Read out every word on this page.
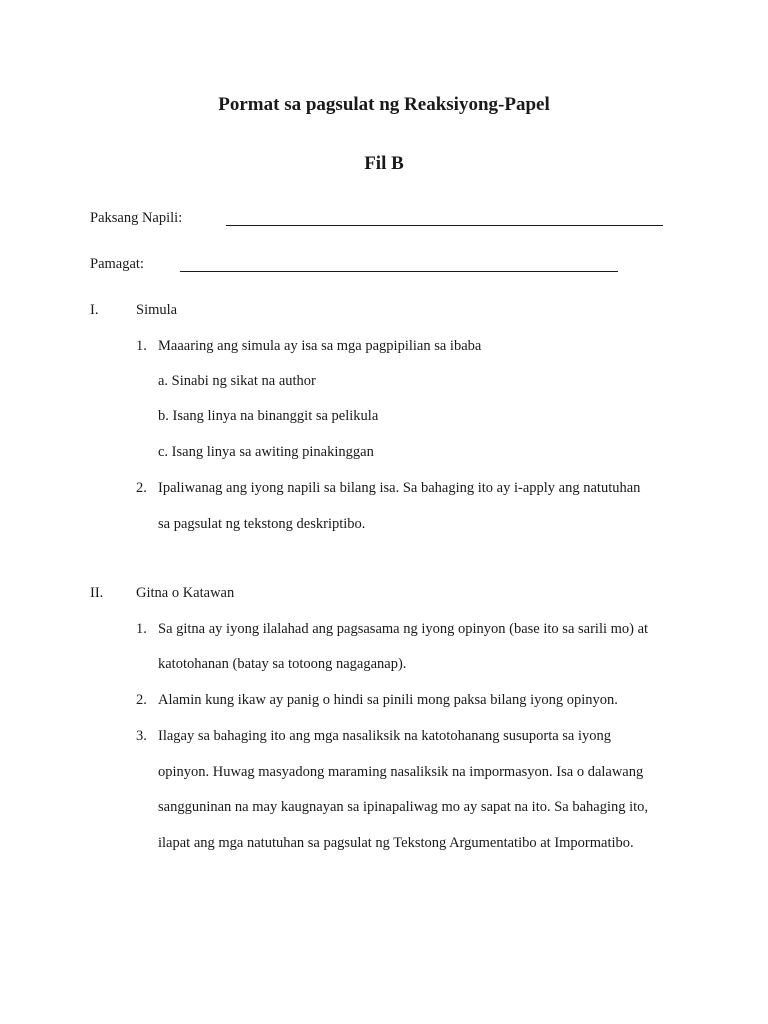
Pormat sa pagsulat ng Reaksiyong-Papel
Fil B
Paksang Napili:
Pamagat:
I.	Simula
1. Maaaring ang simula ay isa sa mga pagpipilian sa ibaba
a. Sinabi ng sikat na author
b. Isang linya na binanggit sa pelikula
c. Isang linya sa awiting pinakinggan
2. Ipaliwanag ang iyong napili sa bilang isa. Sa bahaging ito ay i-apply ang natutuhan
sa pagsulat ng tekstong deskriptibo.
II. Gitna o Katawan
1. Sa gitna ay iyong ilalahad ang pagsasama ng iyong opinyon (base ito sa sarili mo) at
katotohanan (batay sa totoong nagaganap).
2. Alamin kung ikaw ay panig o hindi sa pinili mong paksa bilang iyong opinyon.
3. Ilagay sa bahaging ito ang mga nasaliksik na katotohanang susuporta sa iyong
opinyon. Huwag masyadong maraming nasaliksik na impormasyon. Isa o dalawang
sangguninan na may kaugnayan sa ipinapaliwag mo ay sapat na ito. Sa bahaging ito,
ilapat ang mga natutuhan sa pagsulat ng Tekstong Argumentatibo at Impormatibo.
